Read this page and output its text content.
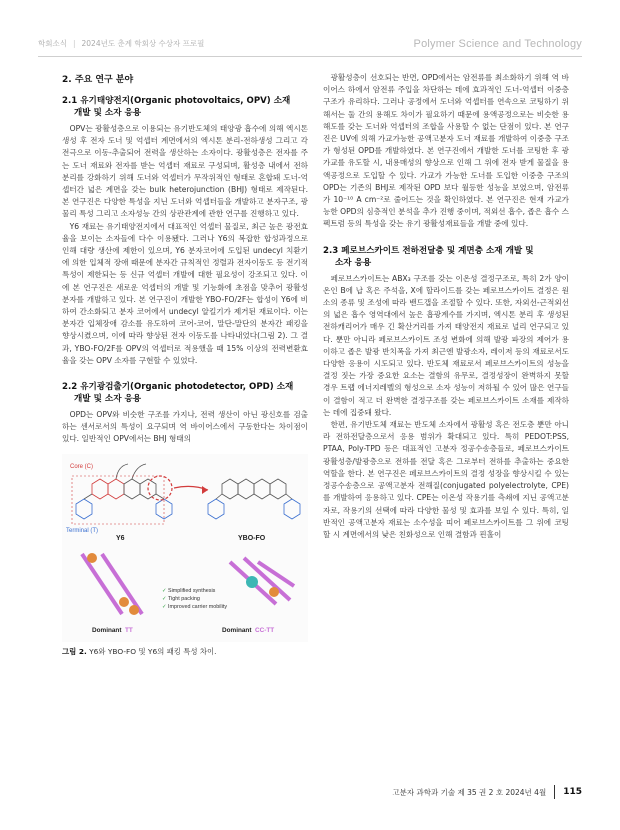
학회소식 | 2024년도 춘계 학회상 수상자 프로필	Polymer Science and Technology
2. 주요 연구 분야
2.1 유기태양전지(Organic photovoltaics, OPV) 소재
개발 및 소자 응용

OPV는 광활성층으로 이용되는 유기반도체의 태양광 흡수에 의해 엑시톤 생성 후 전자 도너 및 억셉터 계면에서의 엑시톤 분리-전하생성 그리고 각 전극으로 이동-추출되어 전력을 생산하는 소자이다. 광활성층은 전자를 주는 도너 재료와 전자를 받는 억셉터 재료로 구성되며, 활성층 내에서 전하분리를 강화하기 위해 도너와 억셉터가 무작위적인 형태로 혼합돼 도너-억셉터간 넓은 계면을 갖는 bulk heterojunction (BHJ) 형태로 제작된다. 본 연구진은 다양한 특성을 지닌 도너와 억셉터들을 개발하고 분자구조, 광물리 특성 그리고 소자성능 간의 상관관계에 관한 연구를 진행하고 있다.

Y6 재료는 유기태양전지에서 대표적인 억셉터 물질로, 최근 높은 광전효율을 보이는 소자들에 다수 이용됐다. 그러나 Y6의 복잡한 합성과정으로 인해 대량 생산에 제한이 있으며, Y6 분자코어에 도입된 undecyl 치환기에 의한 입체적 장애 때문에 분자간 규칙적인 정렬과 전자이동도 등 전기적 특성이 제한되는 등 신규 억셉터 개발에 대한 필요성이 강조되고 있다. 이에 본 연구진은 새로운 억셉터의 개발 및 기능화에 초점을 맞추어 광활성 분자를 개발하고 있다. 본 연구진이 개발한 YBO-FO/2F는 합성이 Y6에 비하여 간소화되고 분자 코어에서 undecyl 알킬기가 제거된 재료이다. 이는 분자간 입체장애 감소를 유도하여 코어-코어, 말단-말단의 분자간 패킹을 향상시켰으며, 이에 따라 향상된 전자 이동도를 나타내었다(그림 2). 그 결과, YBO-FO/2F를 OPV의 억셉터로 적용했을 때 15% 이상의 전력변환효율을 갖는 OPV 소자를 구현할 수 있었다.

2.2 유기광검출기(Organic photodetector, OPD) 소재
개발 및 소자 응용

OPD는 OPV와 비슷한 구조를 가지나, 전력 생산이 아닌 광신호를 검출하는 센서로서의 특성이 요구되며 역 바이어스에서 구동한다는 차이점이 있다. 일반적인 OPV에서는 BHJ 형태의

Core (C)
Terminal (T)
Y6	YBO-FO
Simplified synthesis
Tight packing
Improved carrier mobility
✓
✓
✓
Dominant TT	Dominant CC-TT
그림 2. Y6와 YBO-FO 및 Y6의 패킹 특성 차이.

광활성층이 선호되는 반면, OPD에서는 암전류를 최소화하기 위해 역 바이어스 하에서 암전류 주입을 차단하는 데에 효과적인 도너-억셉터 이중층 구조가 유리하다. 그러나 공정에서 도너와 억셉터를 연속으로 코팅하기 위해서는 둘 간의 용해도 차이가 필요하기 때문에 용액공정으로는 비슷한 용해도를 갖는 도너와 억셉터의 조합을 사용할 수 없는 단점이 있다. 본 연구진은 UV에 의해 가교가능한 공액고분자 도너 재료를 개발하여 이중층 구조가 형성된 OPD를 개발하였다. 본 연구진에서 개발한 도너를 코팅한 후 광가교를 유도할 시, 내용매성의 향상으로 인해 그 위에 전자 받게 물질을 용액공정으로 도입할 수 있다. 가교가 가능한 도너를 도입한 이중층 구조의 OPD는 기존의 BHJ로 제작된 OPD 보다 월등한 성능을 보였으며, 암전류가 10⁻¹⁰ A cm⁻²로 줄어드는 것을 확인하였다. 본 연구진은 현재 가교가능한 OPD의 심층적인 분석을 추가 진행 중이며, 적외선 흡수, 좁은 흡수 스펙트럼 등의 특성을 갖는 유기 광활성재료들을 개발 중에 있다.

2.3 페로브스카이트 전하전달층 및 계면층 소재 개발 및
소자 응용

페로브스카이트는 ABX₃ 구조를 갖는 이온성 결정구조로, 특히 2가 양이온인 B에 납 혹은 주석을, X에 할라이드를 갖는 페로브스카이트 결정은 원소의 종류 및 조성에 따라 밴드갭을 조절할 수 있다. 또한, 자외선-근적외선의 넓은 흡수 영역대에서 높은 흡광계수를 가지며, 엑시톤 분리 후 생성된 전하캐리어가 매우 긴 확산거리를 가져 태양전지 재료로 널리 연구되고 있다. 뿐만 아니라 페로브스카이트 조성 변화에 의해 발광 파장의 제어가 용이하고 좁은 발광 반치폭을 가져 최근엔 발광소자, 레이저 등의 재료로서도 다양한 응용이 시도되고 있다. 반도체 재료로서 페로브스카이트의 성능을 결정 짓는 가장 중요한 요소는 결함의 유무로, 결정성장이 완벽하지 못할 경우 트랩 에너지레벨의 형성으로 소자 성능이 저하될 수 있어 많은 연구들이 결함이 적고 더 완벽한 결정구조를 갖는 페로브스카이트 소재를 제작하는 데에 집중돼 왔다.

한편, 유기반도체 재료는 반도체 소자에서 광활성 혹은 전도층 뿐만 아니라 전하전달층으로서 응용 범위가 확대되고 있다. 특히 PEDOT:PSS, PTAA, Poly-TPD 등은 대표적인 고분자 정공수송층들로, 페로브스카이트 광활성층/발광층으로 전하를 전달 혹은 그로부터 전하를 추출하는 중요한 역할을 한다. 본 연구진은 페로브스카이트의 결정 성장을 향상시킬 수 있는 정공수송층으로 공액고분자 전해질(conjugated polyelectrolyte, CPE)를 개발하여 응용하고 있다. CPE는 이온성 작용기를 측쇄에 지닌 공액고분자로, 작용기의 선택에 따라 다양한 물성 및 효과를 보일 수 있다. 특히, 일반적인 공액고분자 재료는 소수성을 띠어 페로브스카이트를 그 위에 코팅할 시 계면에서의 낮은 친화성으로 인해 결함과 핀홀이

고분자 과학과 기술 제 35 권 2 호 2024년 4월 115
